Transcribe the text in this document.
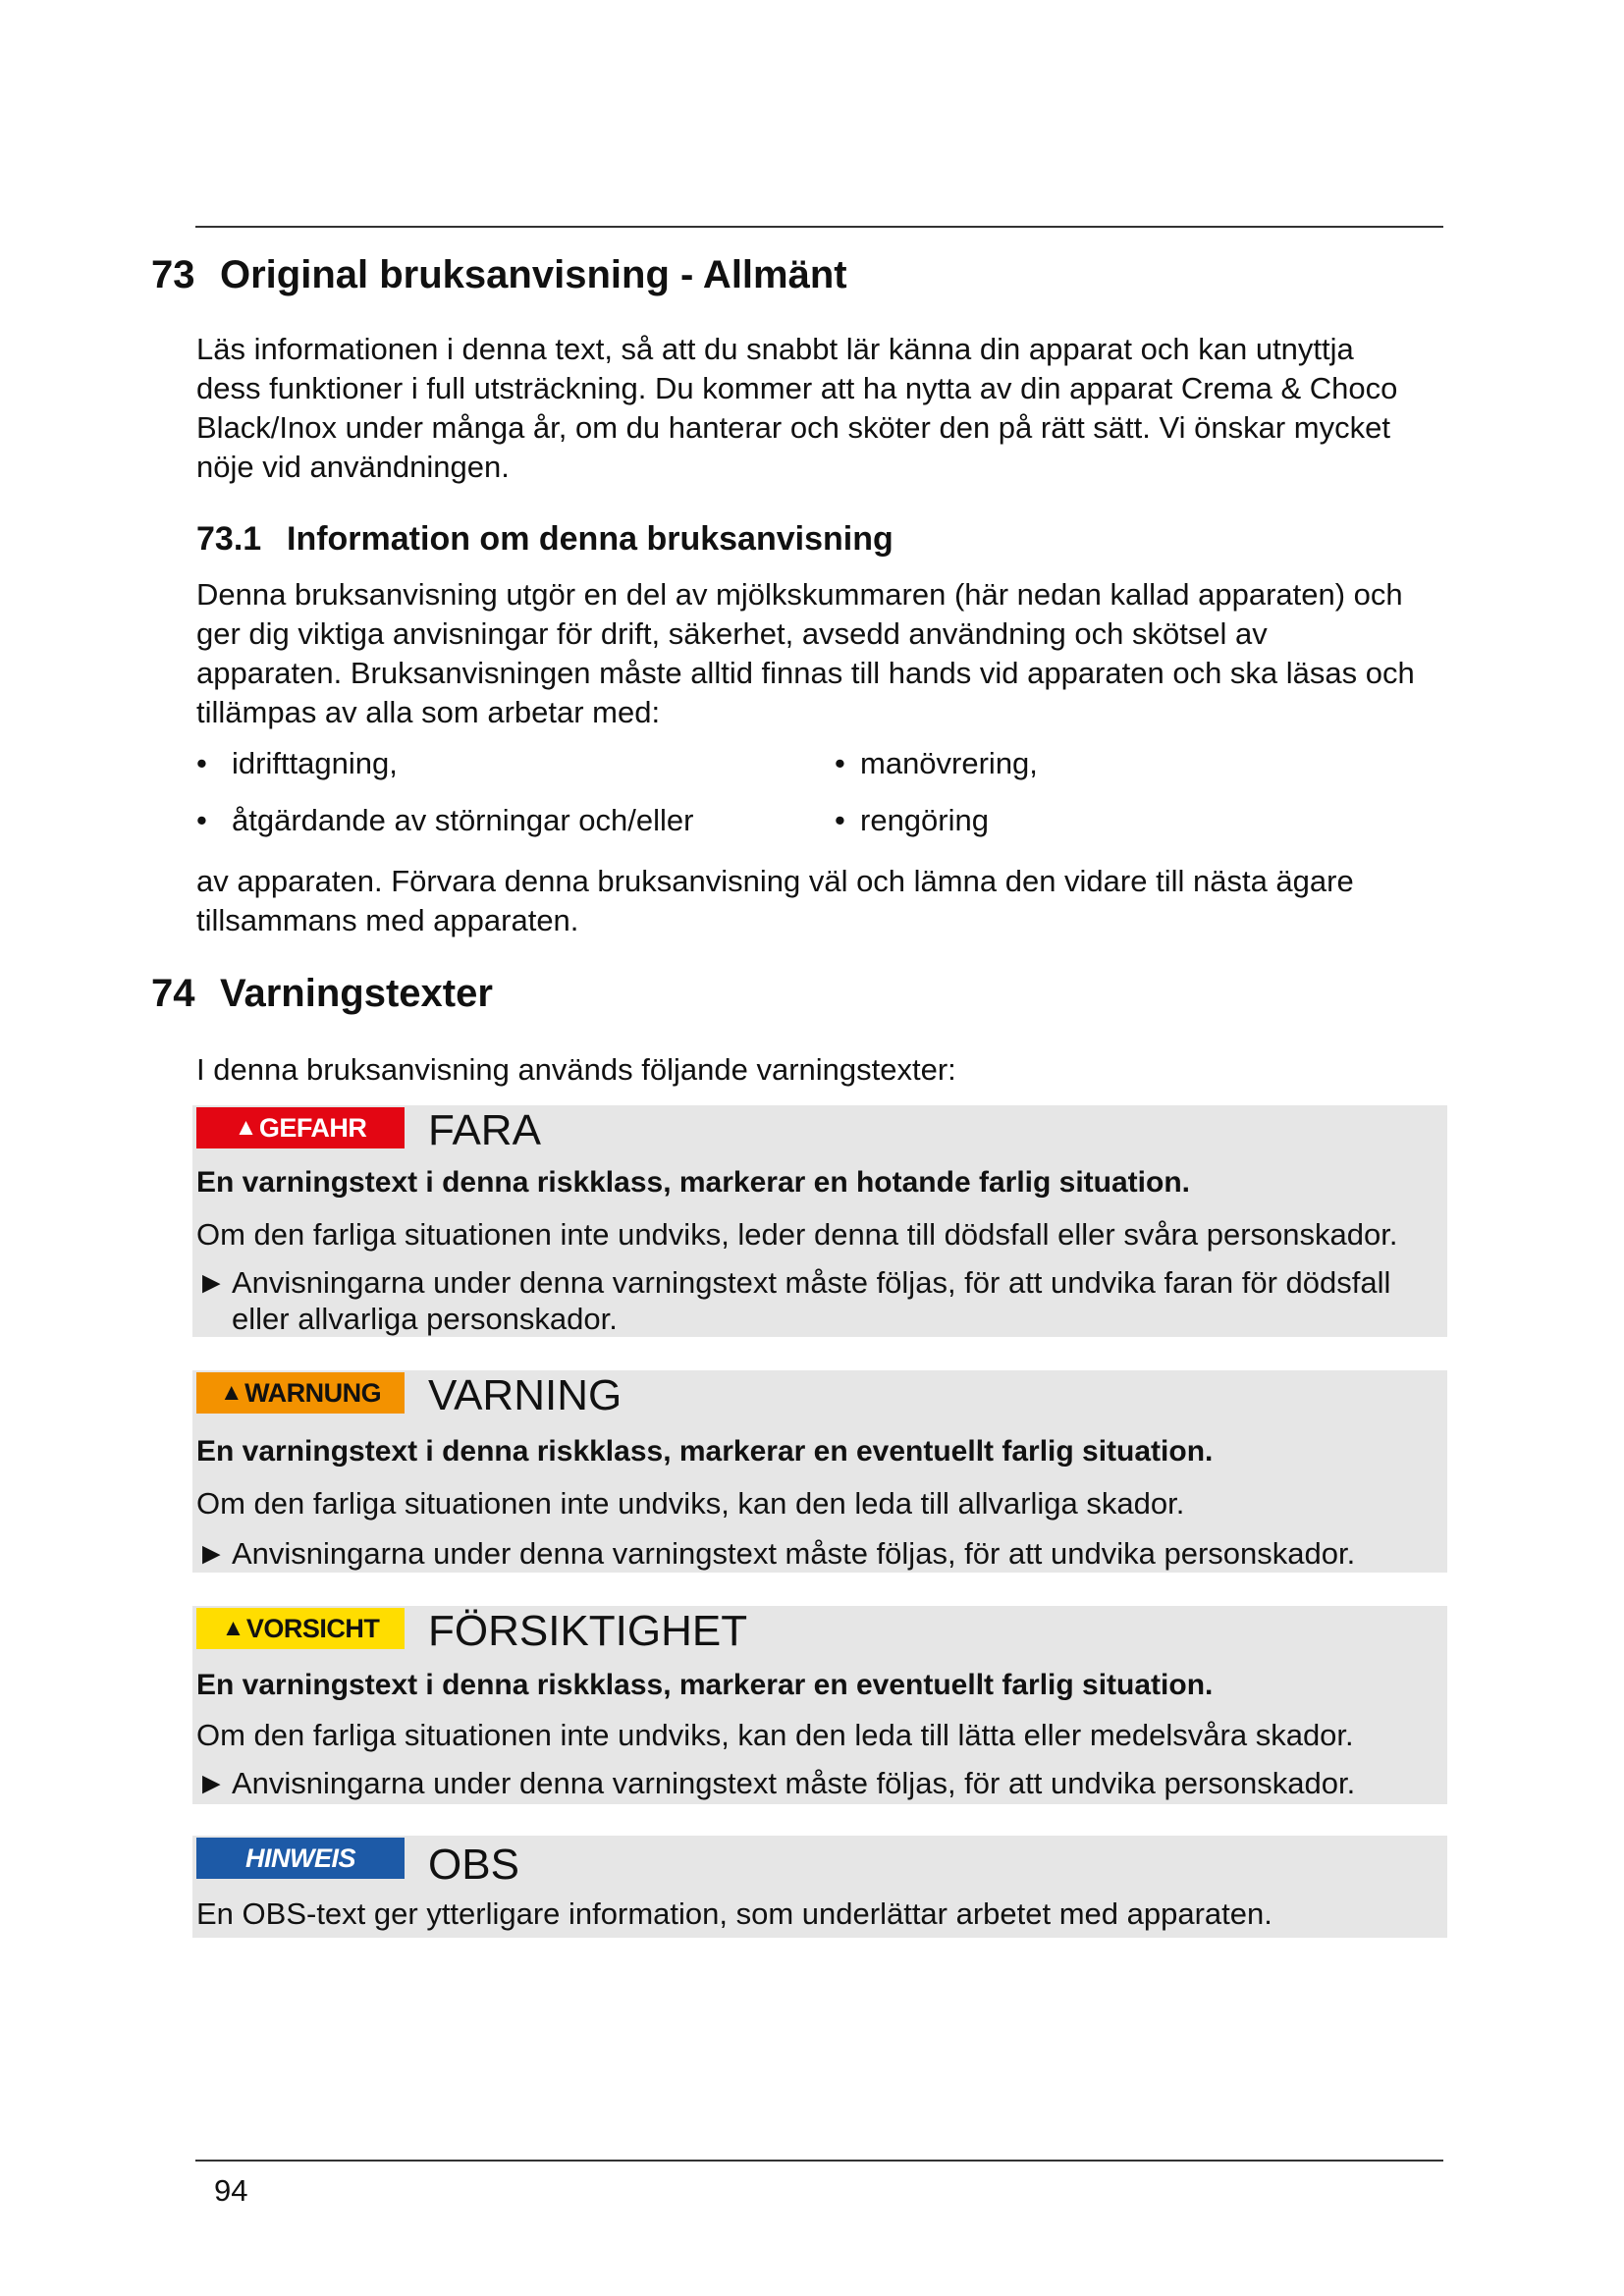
73 Original bruksanvisning - Allmänt
Läs informationen i denna text, så att du snabbt lär känna din apparat och kan utnyttja
dess funktioner i full utsträckning. Du kommer att ha nytta av din apparat Crema & Choco
Black/Inox under många år, om du hanterar och sköter den på rätt sätt. Vi önskar mycket
nöje vid användningen.
73.1 Information om denna bruksanvisning
Denna bruksanvisning utgör en del av mjölkskummaren (här nedan kallad apparaten) och
ger dig viktiga anvisningar för drift, säkerhet, avsedd användning och skötsel av
apparaten. Bruksanvisningen måste alltid finnas till hands vid apparaten och ska läsas och
tillämpas av alla som arbetar med:
• idrifttagning,	• manövrering,
• åtgärdande av störningar och/eller	• rengöring
av apparaten. Förvara denna bruksanvisning väl och lämna den vidare till nästa ägare
tillsammans med apparaten.
74 Varningstexter
I denna bruksanvisning används följande varningstexter:
▲ GEFAHR FARA
En varningstext i denna riskklass, markerar en hotande farlig situation.
Om den farliga situationen inte undviks, leder denna till dödsfall eller svåra personskador.
► Anvisningarna under denna varningstext måste följas, för att undvika faran för dödsfall
eller allvarliga personskador.
▲ WARNUNG VARNING
En varningstext i denna riskklass, markerar en eventuellt farlig situation.
Om den farliga situationen inte undviks, kan den leda till allvarliga skador.
► Anvisningarna under denna varningstext måste följas, för att undvika personskador.
▲ VORSICHT FÖRSIKTIGHET
En varningstext i denna riskklass, markerar en eventuellt farlig situation.
Om den farliga situationen inte undviks, kan den leda till lätta eller medelsvåra skador.
► Anvisningarna under denna varningstext måste följas, för att undvika personskador.
HINWEIS	OBS
En OBS-text ger ytterligare information, som underlättar arbetet med apparaten.
94
